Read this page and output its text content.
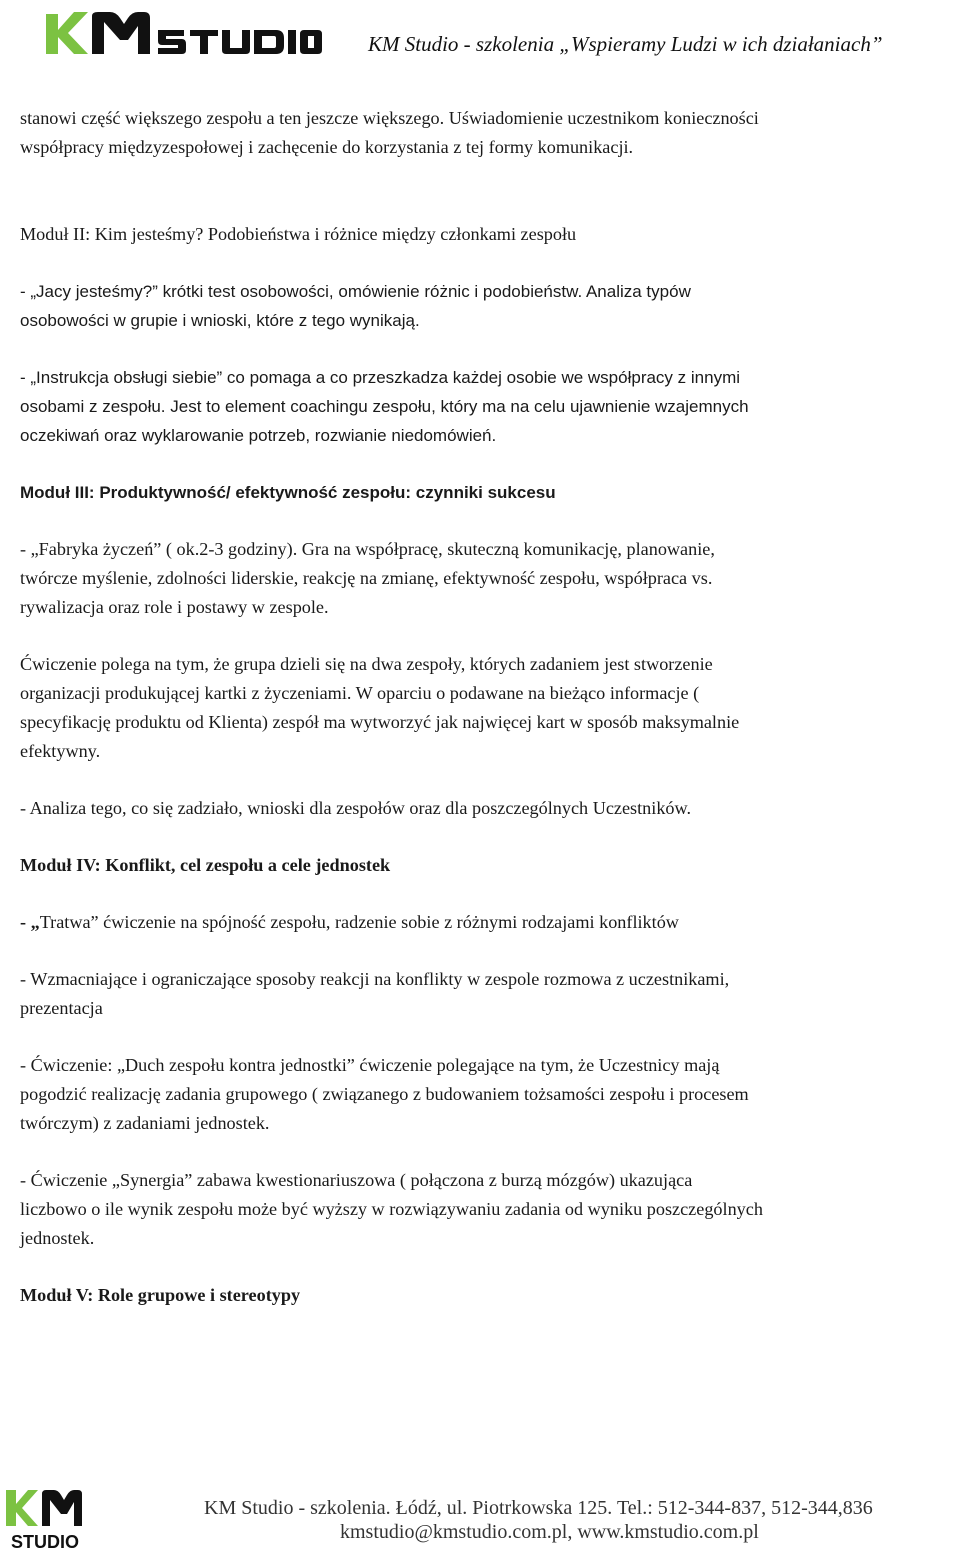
KM Studio - szkolenia „Wspieramy Ludzi w ich działaniach”

stanowi część większego zespołu a ten jeszcze większego. Uświadomienie uczestnikom konieczności
współpracy międzyzespołowej i zachęcenie do korzystania z tej formy komunikacji.

Moduł II: Kim jesteśmy? Podobieństwa i różnice między członkami zespołu

- „Jacy jesteśmy?” krótki test osobowości, omówienie różnic i podobieństw. Analiza typów
osobowości w grupie i wnioski, które z tego wynikają.

- „Instrukcja obsługi siebie” co pomaga a co przeszkadza każdej osobie we współpracy z innymi
osobami z zespołu. Jest to element coachingu zespołu, który ma na celu ujawnienie wzajemnych
oczekiwań oraz wyklarowanie potrzeb, rozwianie niedomówień.

Moduł III: Produktywność/ efektywność zespołu: czynniki sukcesu

- „Fabryka życzeń” ( ok.2-3 godziny). Gra na współpracę, skuteczną komunikację, planowanie,
twórcze myślenie, zdolności liderskie, reakcję na zmianę, efektywność zespołu, współpraca vs.
rywalizacja oraz role i postawy w zespole.

Ćwiczenie polega na tym, że grupa dzieli się na dwa zespoły, których zadaniem jest stworzenie
organizacji produkującej kartki z życzeniami. W oparciu o podawane na bieżąco informacje (
specyfikację produktu od Klienta) zespół ma wytworzyć jak najwięcej kart w sposób maksymalnie
efektywny.

- Analiza tego, co się zadziało, wnioski dla zespołów oraz dla poszczególnych Uczestników.

Moduł IV: Konflikt, cel zespołu a cele jednostek

- „Tratwa” ćwiczenie na spójność zespołu, radzenie sobie z różnymi rodzajami konfliktów

- Wzmacniające i ograniczające sposoby reakcji na konflikty w zespole rozmowa z uczestnikami,
prezentacja

- Ćwiczenie: „Duch zespołu kontra jednostki” ćwiczenie polegające na tym, że Uczestnicy mają
pogodzić realizację zadania grupowego ( związanego z budowaniem tożsamości zespołu i procesem
twórczym) z zadaniami jednostek.

- Ćwiczenie „Synergia” zabawa kwestionariuszowa ( połączona z burzą mózgów) ukazująca
liczbowo o ile wynik zespołu może być wyższy w rozwiązywaniu zadania od wyniku poszczególnych
jednostek.

Moduł V: Role grupowe i stereotypy

STUDIO
KM Studio - szkolenia. Łódź, ul. Piotrkowska 125. Tel.: 512-344-837, 512-344,836
kmstudio@kmstudio.com.pl, www.kmstudio.com.pl
